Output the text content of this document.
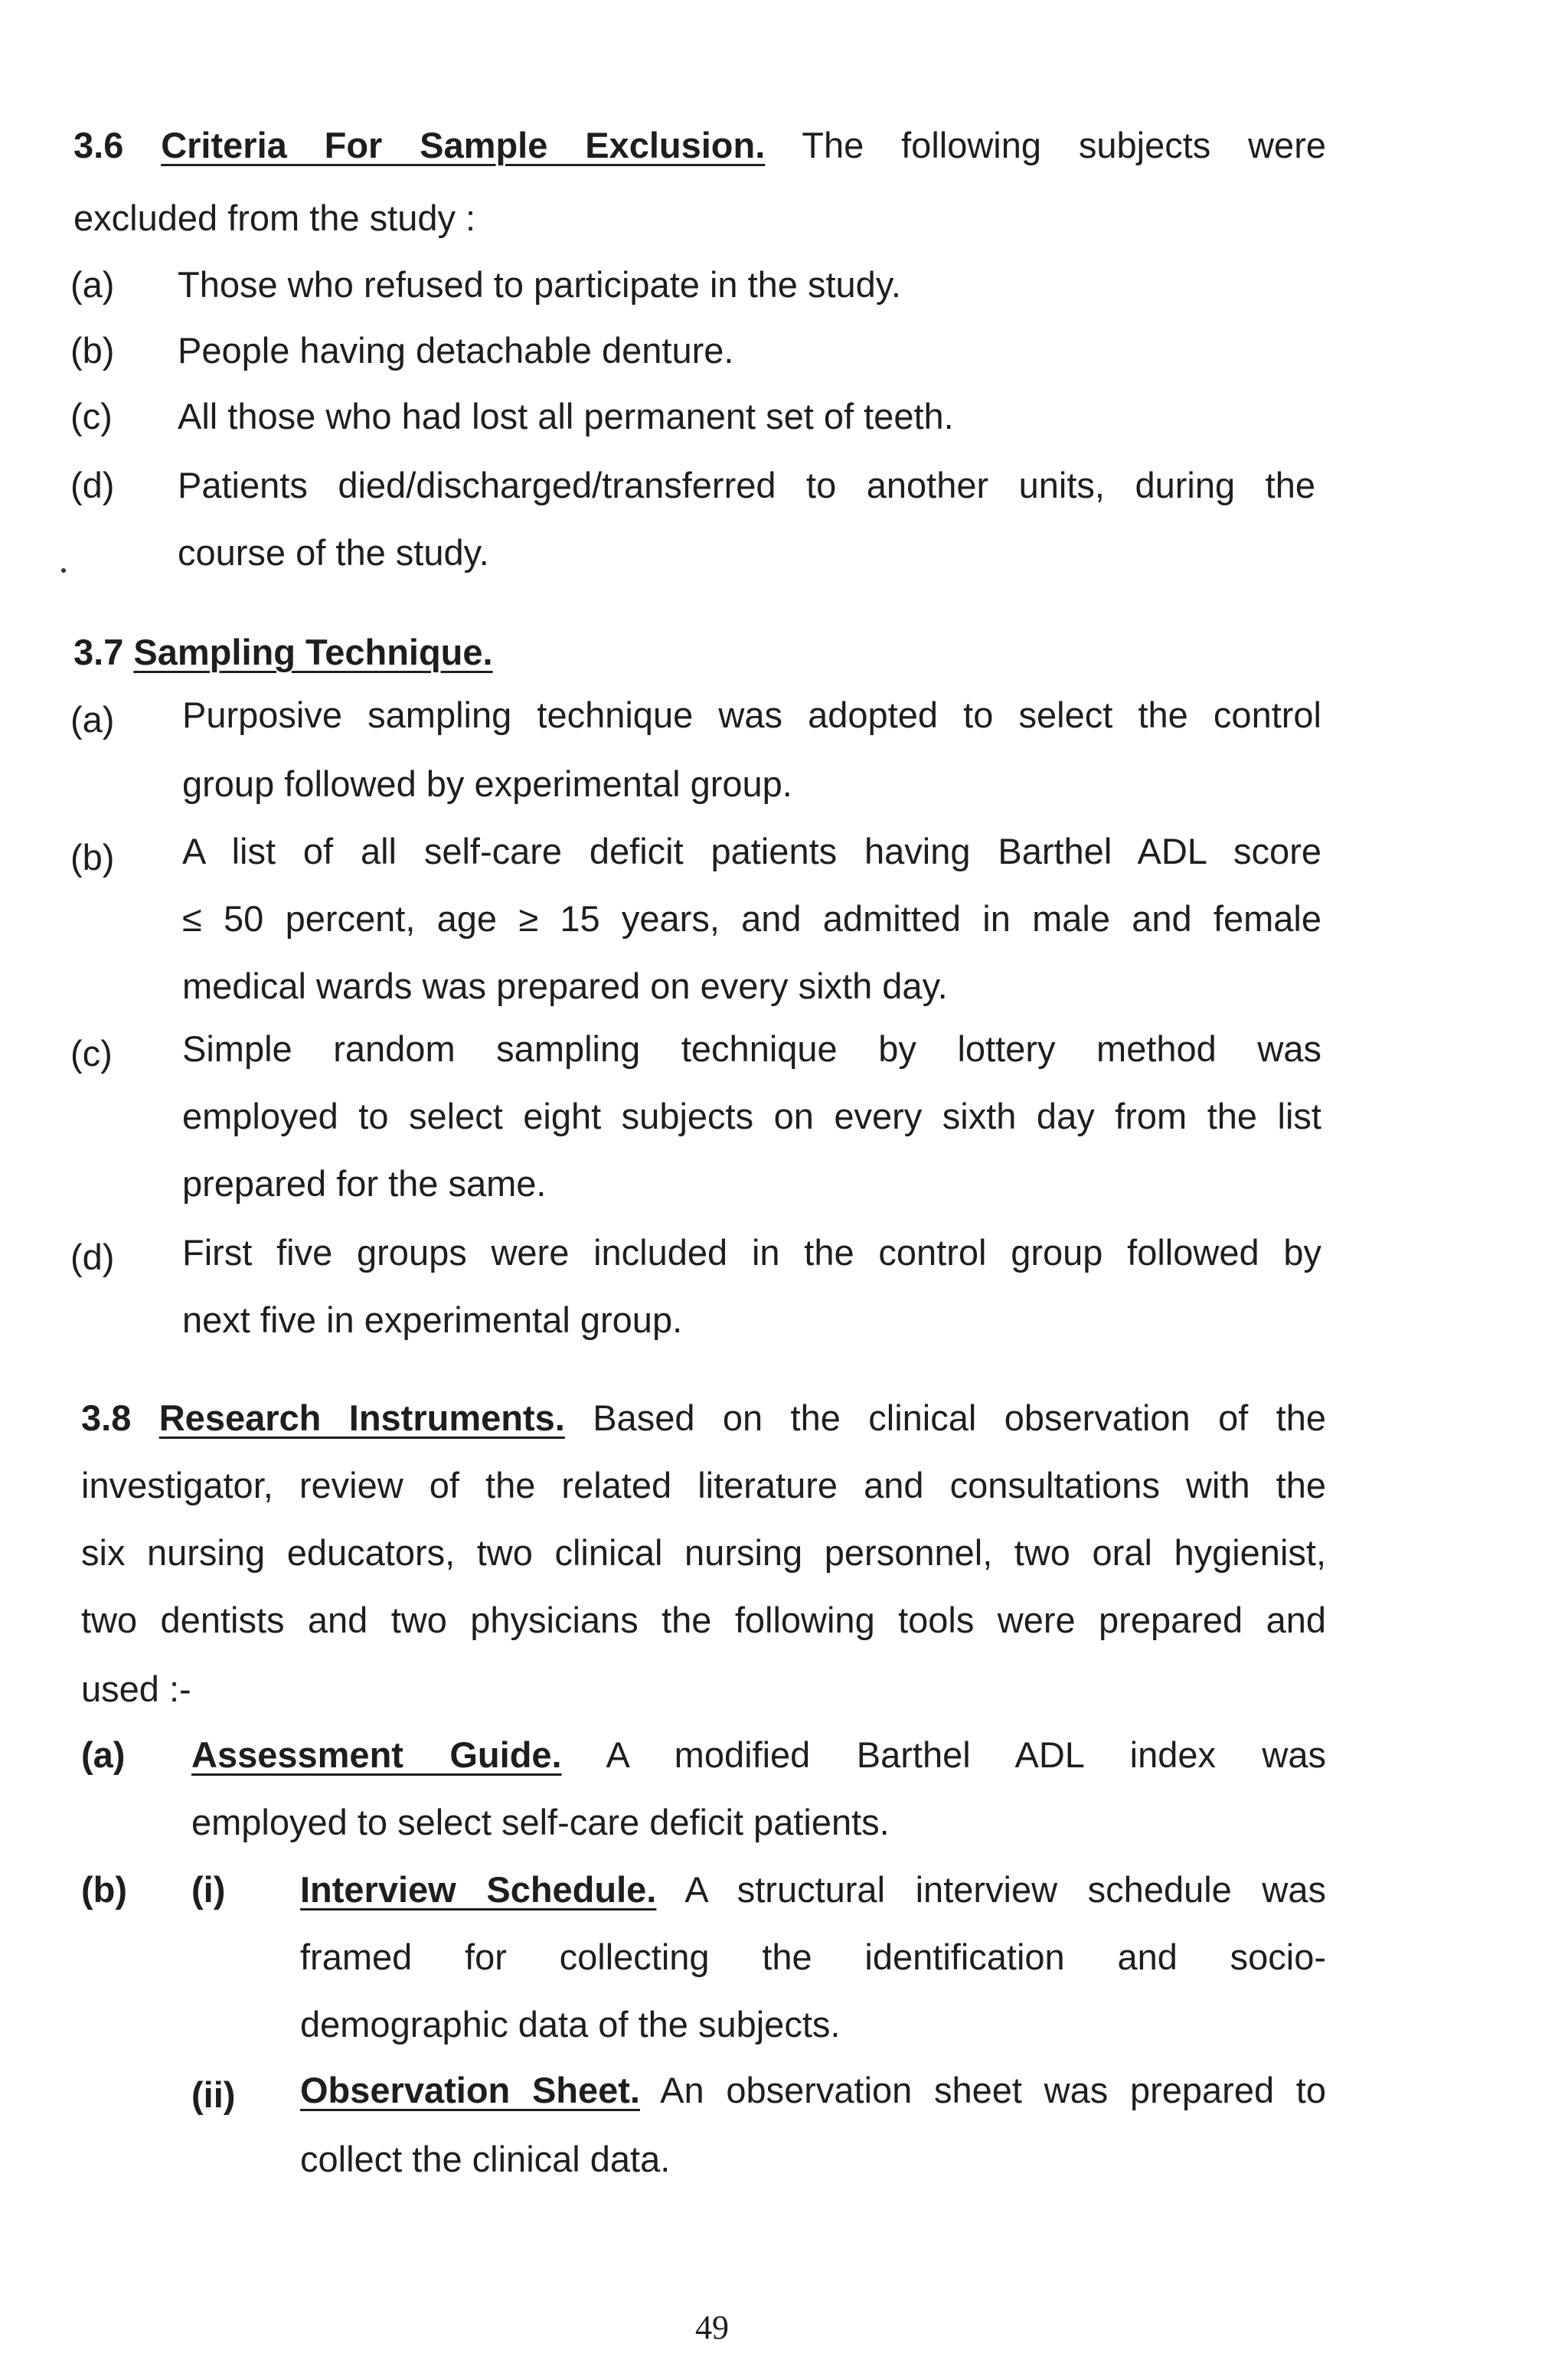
3.6 Criteria For Sample Exclusion. The following subjects were

excluded from the study :

(a) Those who refused to participate in the study.

(b) People having detachable denture.

(c) All those who had lost all permanent set of teeth.

(d) Patients died/discharged/transferred to another units, during the

course of the study.

3.7 Sampling Technique.

(a) Purposive sampling technique was adopted to select the control

group followed by experimental group.

(b) A list of all self-care deficit patients having Barthel ADL score

≤ 50 percent, age ≥ 15 years, and admitted in male and female

medical wards was prepared on every sixth day.

(c) Simple random sampling technique by lottery method was

employed to select eight subjects on every sixth day from the list

prepared for the same.

(d) First five groups were included in the control group followed by

next five in experimental group.

3.8 Research Instruments. Based on the clinical observation of the

investigator, review of the related literature and consultations with the

six nursing educators, two clinical nursing personnel, two oral hygienist,

two dentists and two physicians the following tools were prepared and

used :-

(a) Assessment Guide. A modified Barthel ADL index was

employed to select self-care deficit patients.

(b) (i) Interview Schedule. A structural interview schedule was

framed for collecting the identification and socio-

demographic data of the subjects.

(ii) Observation Sheet. An observation sheet was prepared to

collect the clinical data.

49
